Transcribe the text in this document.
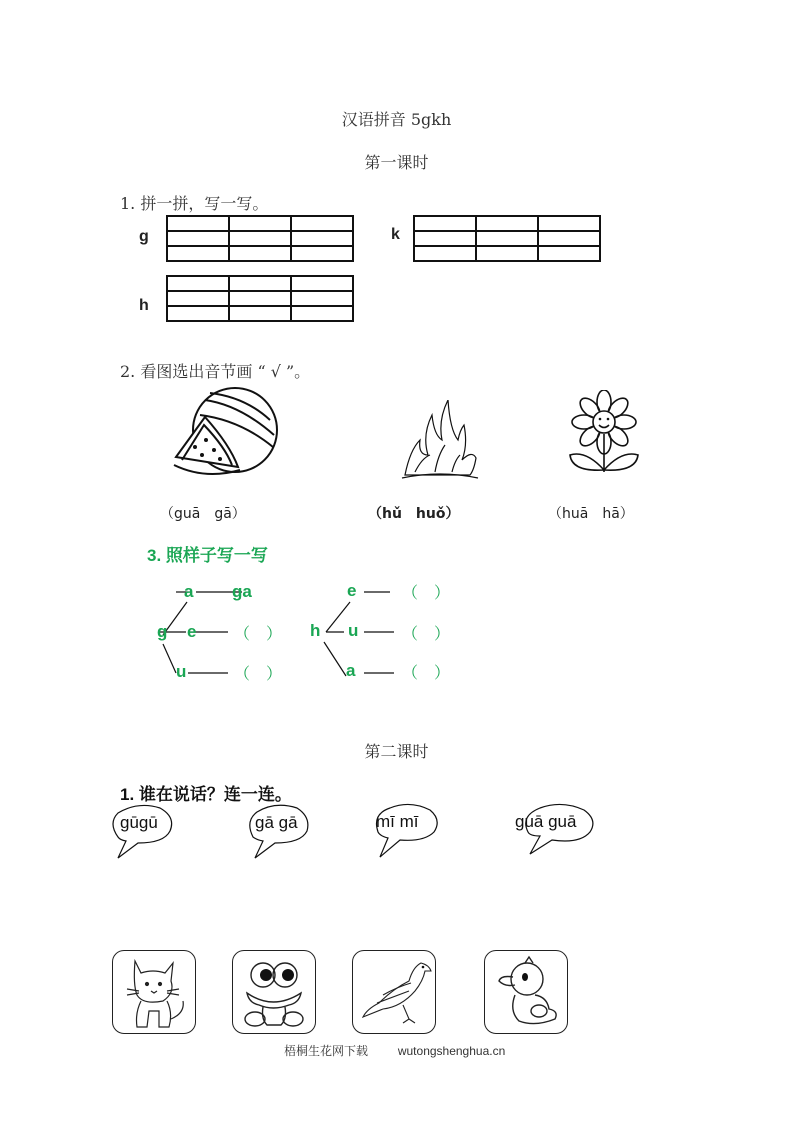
汉语拼音 5gkh
第一课时
1. 拼一拼，写一写。
g

			k

h

2. 看图选出音节画 “ √ ”。
（guā　gā）	（hǔ　huǒ）	（huā　hā）
3. 照样子写一写
a ga
g e （　）
u	（　）
e	（　）
h u	（　）
a	（　）
第二课时
1. 谁在说话？连一连。
gūgū	gā gā	mī mī	guā guā
梧桐生花网下载 wutongshenghua.cn
